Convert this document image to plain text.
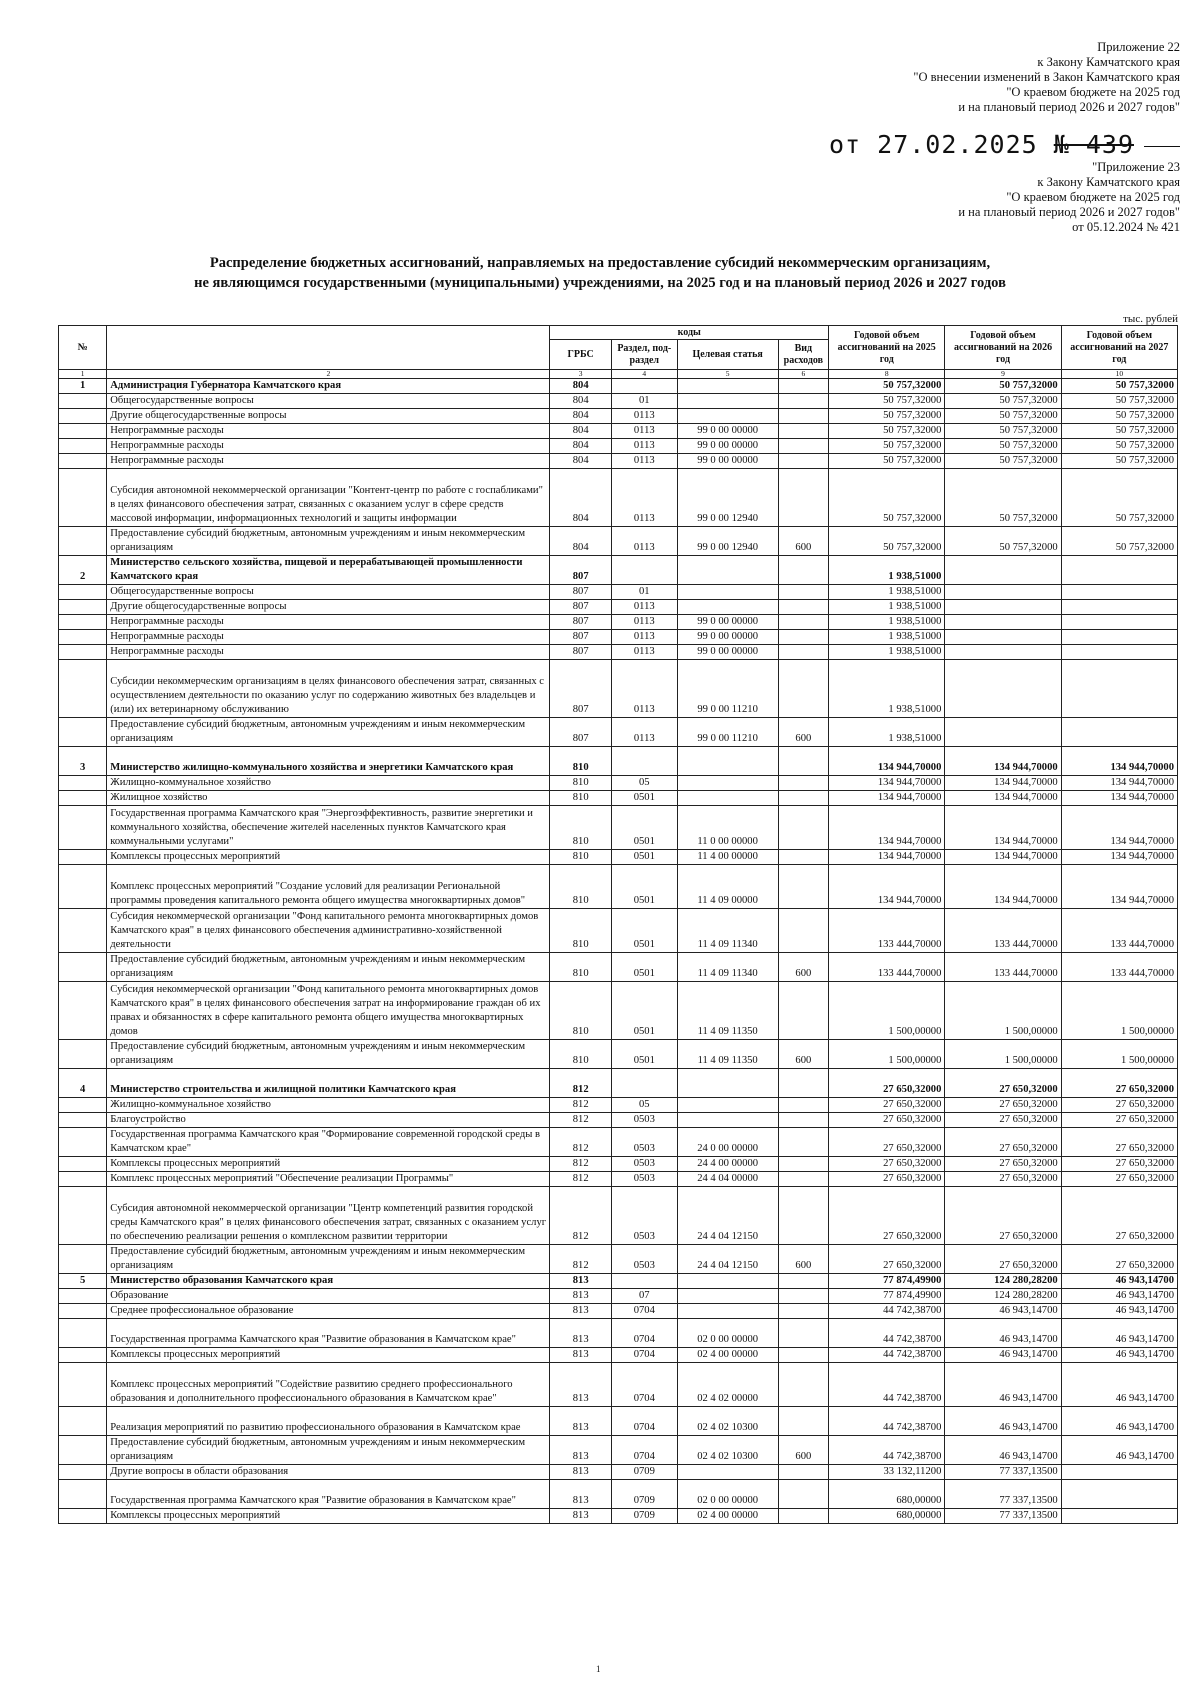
Приложение 22
к Закону Камчатского края
"О внесении изменений в Закон Камчатского края
"О краевом бюджете на 2025 год
и на плановый период 2026 и 2027 годов"
от 27.02.2025 № 439
"Приложение 23
к Закону Камчатского края
"О краевом бюджете на 2025 год
и на плановый период 2026 и 2027 годов"
от 05.12.2024 № 421
Распределение бюджетных ассигнований, направляемых на предоставление субсидий некоммерческим организациям,
не являющимся государственными (муниципальными) учреждениями, на 2025 год и на плановый период 2026 и 2027 годов
тыс. рублей
№		коды				Годовой объем ассигнований на 2025 год	Годовой объем ассигнований на 2026 год	Годовой объем ассигнований на 2027 год
		ГРБС	Раздел, под-раздел	Целевая статья	Вид расходов			
1	2	3	4	5	6	8	9	10
1	Администрация Губернатора Камчатского края	804				50 757,32000	50 757,32000	50 757,32000
	Общегосударственные вопросы	804	01			50 757,32000	50 757,32000	50 757,32000
	Другие общегосударственные вопросы	804	0113			50 757,32000	50 757,32000	50 757,32000
	Непрограммные расходы	804	0113	99 0 00 00000		50 757,32000	50 757,32000	50 757,32000
	Непрограммные расходы	804	0113	99 0 00 00000		50 757,32000	50 757,32000	50 757,32000
	Непрограммные расходы	804	0113	99 0 00 00000		50 757,32000	50 757,32000	50 757,32000
	Субсидия автономной некоммерческой организации "Контент-центр по работе с госпабликами" в целях финансового обеспечения затрат, связанных с оказанием услуг в сфере средств массовой информации, информационных технологий и защиты информации	804	0113	99 0 00 12940		50 757,32000	50 757,32000	50 757,32000
	Предоставление субсидий бюджетным, автономным учреждениям и иным некоммерческим организациям	804	0113	99 0 00 12940	600	50 757,32000	50 757,32000	50 757,32000
2	Министерство сельского хозяйства, пищевой и перерабатывающей промышленности Камчатского края	807				1 938,51000		
	Общегосударственные вопросы	807	01			1 938,51000		
	Другие общегосударственные вопросы	807	0113			1 938,51000		
	Непрограммные расходы	807	0113	99 0 00 00000		1 938,51000		
	Непрограммные расходы	807	0113	99 0 00 00000		1 938,51000		
	Непрограммные расходы	807	0113	99 0 00 00000		1 938,51000		
	Субсидии некоммерческим организациям в целях финансового обеспечения затрат, связанных с осуществлением деятельности по оказанию услуг по содержанию животных без владельцев и (или) их ветеринарному обслуживанию	807	0113	99 0 00 11210		1 938,51000		
	Предоставление субсидий бюджетным, автономным учреждениям и иным некоммерческим организациям	807	0113	99 0 00 11210	600	1 938,51000		
3	Министерство жилищно-коммунального хозяйства и энергетики Камчатского края	810				134 944,70000	134 944,70000	134 944,70000
	Жилищно-коммунальное хозяйство	810	05			134 944,70000	134 944,70000	134 944,70000
	Жилищное хозяйство	810	0501			134 944,70000	134 944,70000	134 944,70000
	Государственная программа Камчатского края "Энергоэффективность, развитие энергетики и коммунального хозяйства, обеспечение жителей населенных пунктов Камчатского края коммунальными услугами"	810	0501	11 0 00 00000		134 944,70000	134 944,70000	134 944,70000
	Комплексы процессных мероприятий	810	0501	11 4 00 00000		134 944,70000	134 944,70000	134 944,70000
	Комплекс процессных мероприятий "Создание условий для реализации Региональной программы проведения капитального ремонта общего имущества многоквартирных домов"	810	0501	11 4 09 00000		134 944,70000	134 944,70000	134 944,70000
	Субсидия некоммерческой организации "Фонд капитального ремонта многоквартирных домов Камчатского края" в целях финансового обеспечения административно-хозяйственной деятельности	810	0501	11 4 09 11340		133 444,70000	133 444,70000	133 444,70000
	Предоставление субсидий бюджетным, автономным учреждениям и иным некоммерческим организациям	810	0501	11 4 09 11340	600	133 444,70000	133 444,70000	133 444,70000
	Субсидия некоммерческой организации "Фонд капитального ремонта многоквартирных домов Камчатского края" в целях финансового обеспечения затрат на информирование граждан об их правах и обязанностях в сфере капитального ремонта общего имущества многоквартирных домов	810	0501	11 4 09 11350		1 500,00000	1 500,00000	1 500,00000
	Предоставление субсидий бюджетным, автономным учреждениям и иным некоммерческим организациям	810	0501	11 4 09 11350	600	1 500,00000	1 500,00000	1 500,00000
4	Министерство строительства и жилищной политики Камчатского края	812				27 650,32000	27 650,32000	27 650,32000
	Жилищно-коммунальное хозяйство	812	05			27 650,32000	27 650,32000	27 650,32000
	Благоустройство	812	0503			27 650,32000	27 650,32000	27 650,32000
	Государственная программа Камчатского края "Формирование современной городской среды в Камчатском крае"	812	0503	24 0 00 00000		27 650,32000	27 650,32000	27 650,32000
	Комплексы процессных мероприятий	812	0503	24 4 00 00000		27 650,32000	27 650,32000	27 650,32000
	Комплекс процессных мероприятий "Обеспечение реализации Программы"	812	0503	24 4 04 00000		27 650,32000	27 650,32000	27 650,32000
	Субсидия автономной некоммерческой организации "Центр компетенций развития городской среды Камчатского края" в целях финансового обеспечения затрат, связанных с оказанием услуг по обеспечению реализации решения о комплексном развитии территории	812	0503	24 4 04 12150		27 650,32000	27 650,32000	27 650,32000
	Предоставление субсидий бюджетным, автономным учреждениям и иным некоммерческим организациям	812	0503	24 4 04 12150	600	27 650,32000	27 650,32000	27 650,32000
5	Министерство образования Камчатского края	813				77 874,49900	124 280,28200	46 943,14700
	Образование	813	07			77 874,49900	124 280,28200	46 943,14700
	Среднее профессиональное образование	813	0704			44 742,38700	46 943,14700	46 943,14700
	Государственная программа Камчатского края "Развитие образования в Камчатском крае"	813	0704	02 0 00 00000		44 742,38700	46 943,14700	46 943,14700
	Комплексы процессных мероприятий	813	0704	02 4 00 00000		44 742,38700	46 943,14700	46 943,14700
	Комплекс процессных мероприятий "Содействие развитию среднего профессионального образования и дополнительного профессионального образования в Камчатском крае"	813	0704	02 4 02 00000		44 742,38700	46 943,14700	46 943,14700
	Реализация мероприятий по развитию профессионального образования в Камчатском крае	813	0704	02 4 02 10300		44 742,38700	46 943,14700	46 943,14700
	Предоставление субсидий бюджетным, автономным учреждениям и иным некоммерческим организациям	813	0704	02 4 02 10300	600	44 742,38700	46 943,14700	46 943,14700
	Другие вопросы в области образования	813	0709			33 132,11200	77 337,13500	
	Государственная программа Камчатского края "Развитие образования в Камчатском крае"	813	0709	02 0 00 00000		680,00000	77 337,13500	
	Комплексы процессных мероприятий	813	0709	02 4 00 00000		680,00000	77 337,13500	
1
